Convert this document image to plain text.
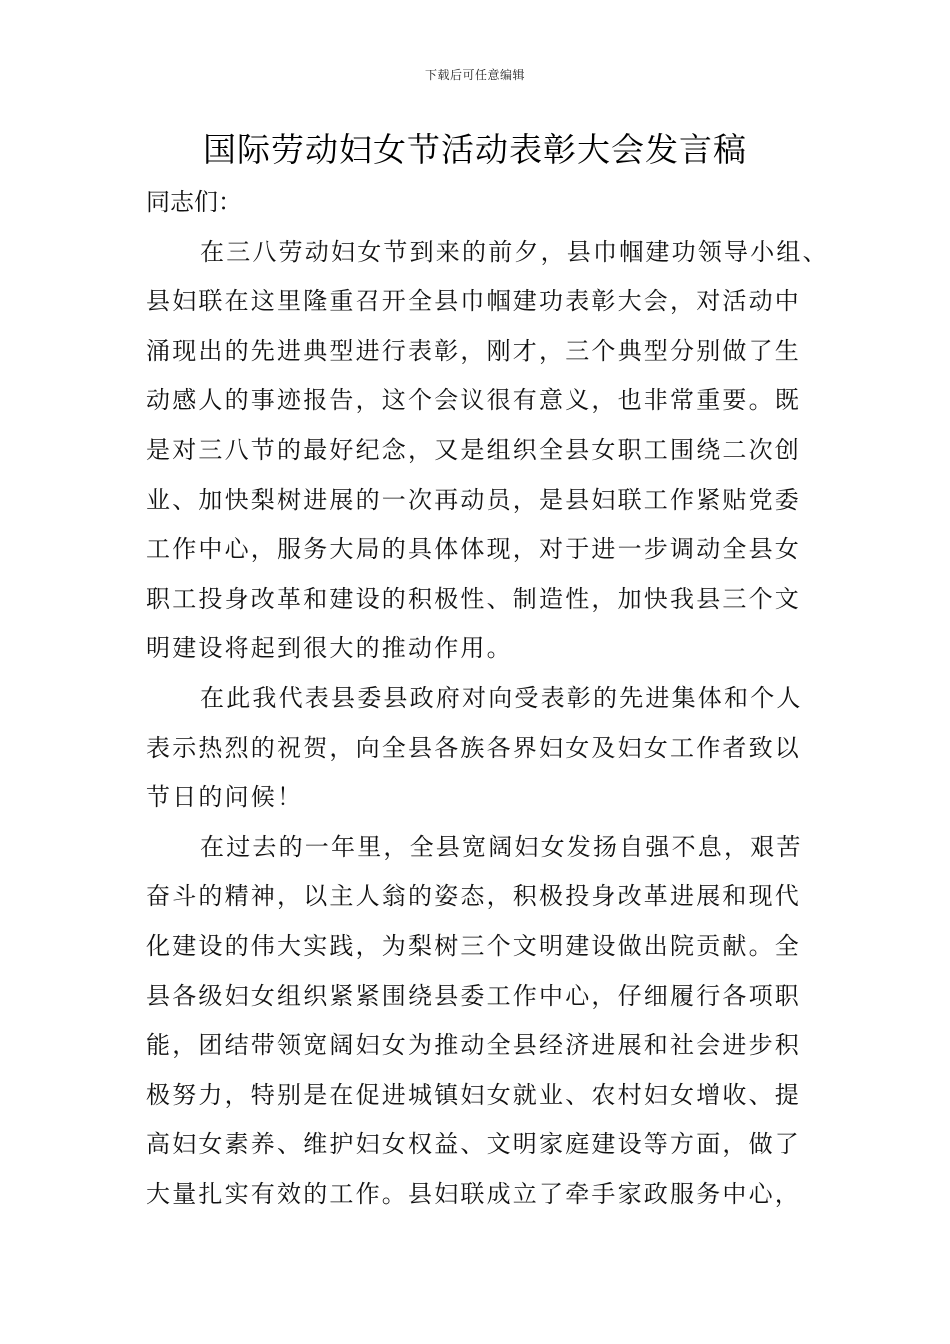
下载后可任意编辑
国际劳动妇女节活动表彰大会发言稿

同志们：

在三八劳动妇女节到来的前夕，县巾帼建功领导小组、
县妇联在这里隆重召开全县巾帼建功表彰大会，对活动中
涌现出的先进典型进行表彰，刚才，三个典型分别做了生
动感人的事迹报告，这个会议很有意义，也非常重要。既
是对三八节的最好纪念，又是组织全县女职工围绕二次创
业、加快梨树进展的一次再动员，是县妇联工作紧贴党委
工作中心，服务大局的具体体现，对于进一步调动全县女
职工投身改革和建设的积极性、制造性，加快我县三个文
明建设将起到很大的推动作用。

在此我代表县委县政府对向受表彰的先进集体和个人
表示热烈的祝贺，向全县各族各界妇女及妇女工作者致以
节日的问候！

在过去的一年里，全县宽阔妇女发扬自强不息，艰苦
奋斗的精神，以主人翁的姿态，积极投身改革进展和现代
化建设的伟大实践，为梨树三个文明建设做出院贡献。全
县各级妇女组织紧紧围绕县委工作中心，仔细履行各项职
能，团结带领宽阔妇女为推动全县经济进展和社会进步积
极努力，特别是在促进城镇妇女就业、农村妇女增收、提
高妇女素养、维护妇女权益、文明家庭建设等方面，做了
大量扎实有效的工作。县妇联成立了牵手家政服务中心，
